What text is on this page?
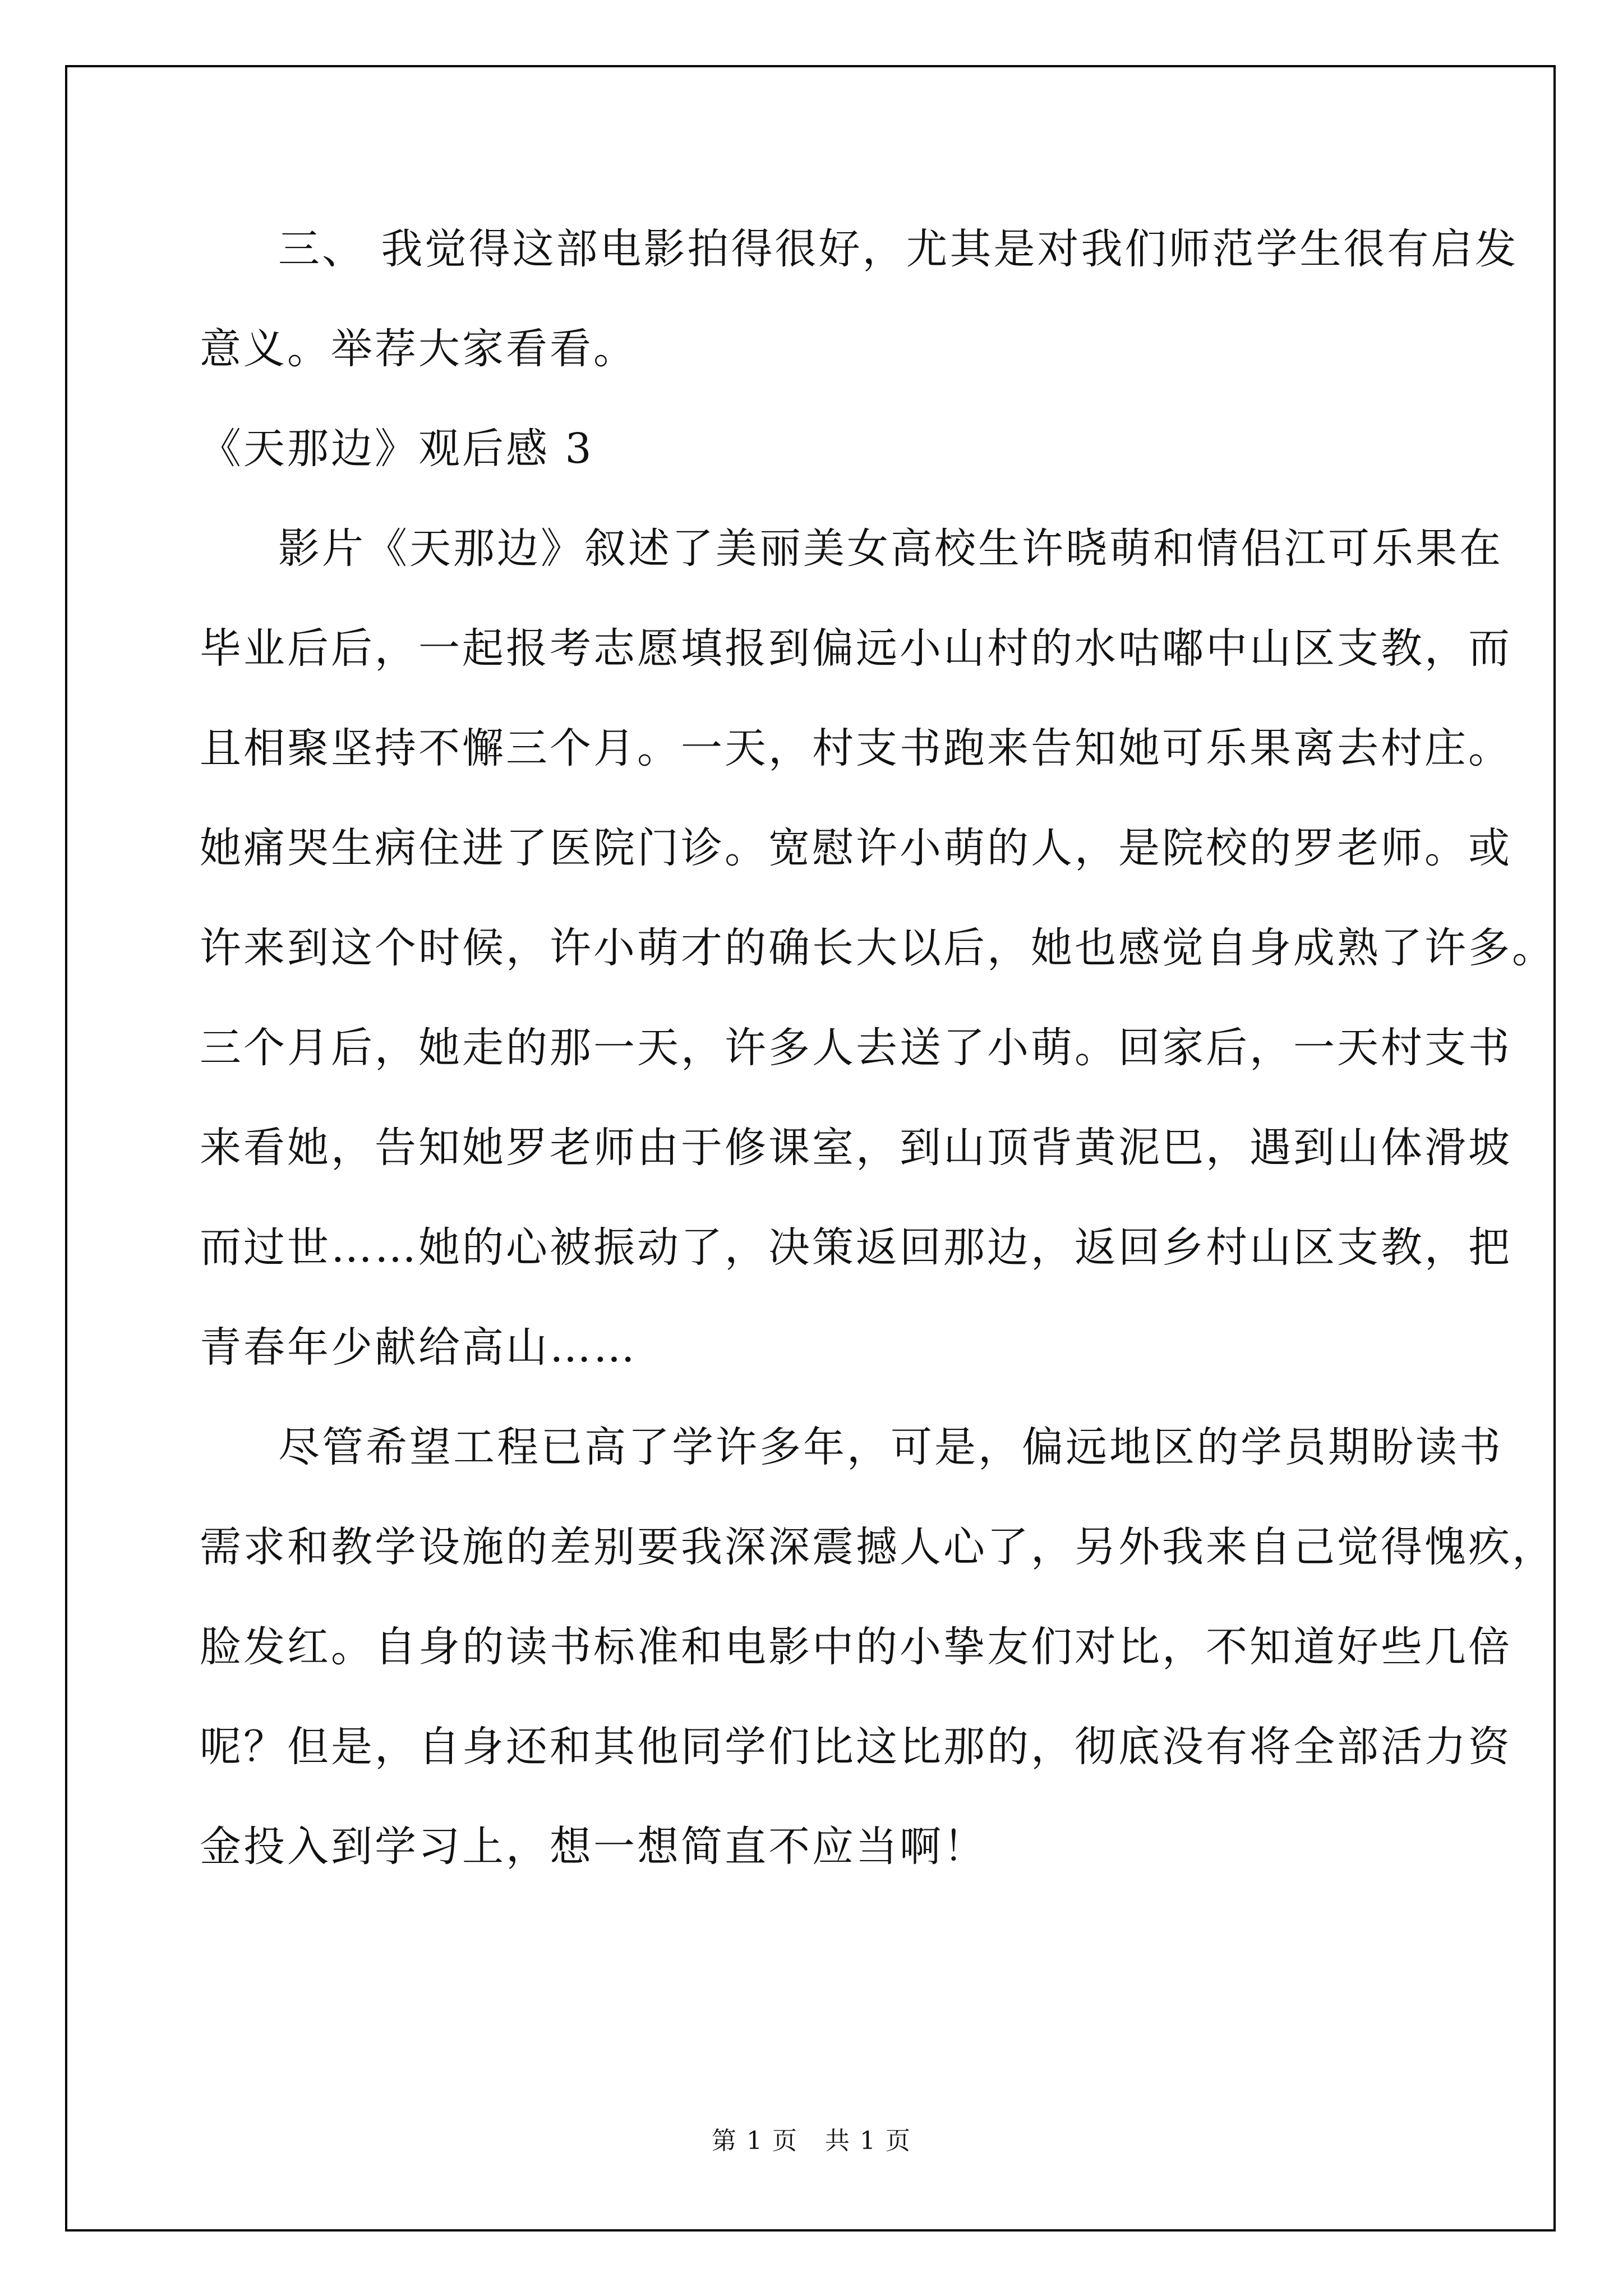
三、 我觉得这部电影拍得很好，尤其是对我们师范学生很有启发
意义。举荐大家看看。
《天那边》观后感 3
影片《天那边》叙述了美丽美女高校生许晓萌和情侣江可乐果在
毕业后后，一起报考志愿填报到偏远小山村的水咕嘟中山区支教，而
且相聚坚持不懈三个月。一天，村支书跑来告知她可乐果离去村庄。
她痛哭生病住进了医院门诊。宽慰许小萌的人，是院校的罗老师。或
许来到这个时候，许小萌才的确长大以后，她也感觉自身成熟了许多。
三个月后，她走的那一天，许多人去送了小萌。回家后，一天村支书
来看她，告知她罗老师由于修课室，到山顶背黄泥巴，遇到山体滑坡
而过世……她的心被振动了，决策返回那边，返回乡村山区支教，把
青春年少献给高山……
尽管希望工程已高了学许多年，可是，偏远地区的学员期盼读书
需求和教学设施的差别要我深深震撼人心了，另外我来自己觉得愧疚，
脸发红。自身的读书标准和电影中的小挚友们对比，不知道好些几倍
呢？但是，自身还和其他同学们比这比那的，彻底没有将全部活力资
金投入到学习上，想一想简直不应当啊！
第 1 页   共 1 页
